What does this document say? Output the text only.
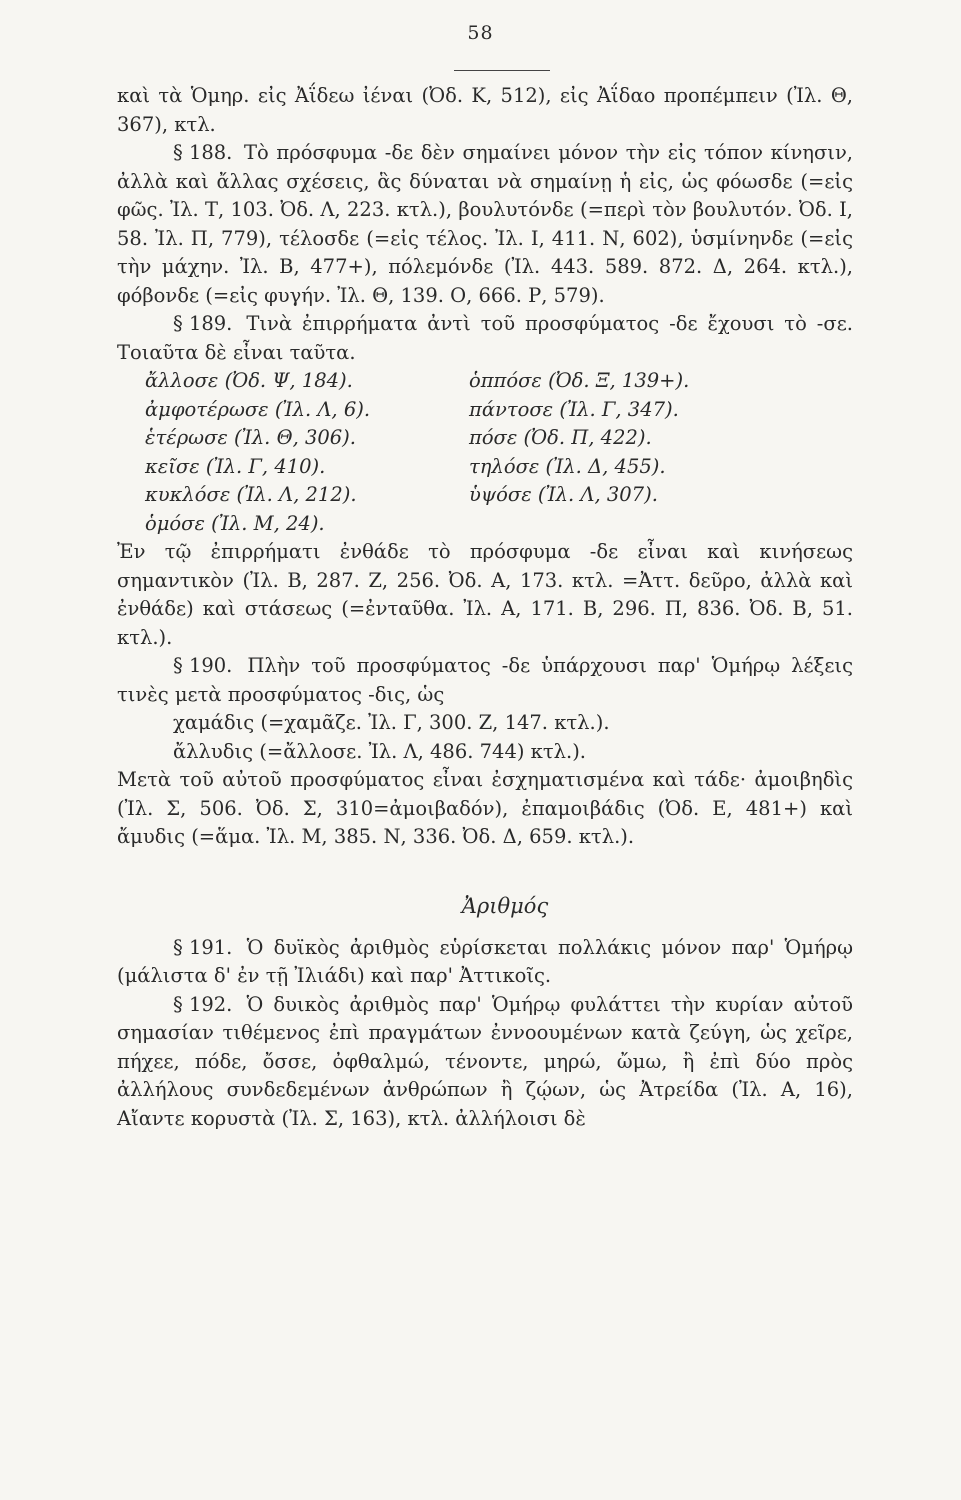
58

καὶ τὰ Ὁμηρ. εἰς Ἀΐδεω ἰέναι (Ὀδ. Κ, 512), εἰς Ἀΐδαο προπέμπειν (Ἰλ. Θ, 367), κτλ.

§ 188. Τὸ πρόσφυμα -δε δὲν σημαίνει μόνον τὴν εἰς τόπον κίνησιν, ἀλλὰ καὶ ἄλλας σχέσεις, ἃς δύναται νὰ σημαίνῃ ἡ εἰς, ὡς φόωσδε (=εἰς φῶς. Ἰλ. Τ, 103. Ὀδ. Λ, 223. κτλ.), βουλυτόνδε (=περὶ τὸν βουλυτόν. Ὀδ. Ι, 58. Ἰλ. Π, 779), τέλοσδε (=εἰς τέλος. Ἰλ. Ι, 411. Ν, 602), ὑσμίνηνδε (=εἰς τὴν μάχην. Ἰλ. Β, 477+), πόλεμόνδε (Ἰλ. 443. 589. 872. Δ, 264. κτλ.), φόβονδε (=εἰς φυγήν. Ἰλ. Θ, 139. Ο, 666. Ρ, 579).

§ 189. Τινὰ ἐπιρρήματα ἀντὶ τοῦ προσφύματος -δε ἔχουσι τὸ -σε. Τοιαῦτα δὲ εἶναι ταῦτα.

ἄλλοσε (Ὀδ. Ψ, 184).
ἀμφοτέρωσε (Ἰλ. Λ, 6).
ἑτέρωσε (Ἰλ. Θ, 306).
κεῖσε (Ἰλ. Γ, 410).
κυκλόσε (Ἰλ. Λ, 212).
ὁμόσε (Ἰλ. Μ, 24).
ὁππόσε (Ὀδ. Ξ, 139+).
πάντοσε (Ἰλ. Γ, 347).
πόσε (Ὀδ. Π, 422).
τηλόσε (Ἰλ. Δ, 455).
ὑψόσε (Ἰλ. Λ, 307).

Ἐν τῷ ἐπιρρήματι ἐνθάδε τὸ πρόσφυμα -δε εἶναι καὶ κινήσεως σημαντικὸν (Ἰλ. Β, 287. Ζ, 256. Ὀδ. Α, 173. κτλ. =Ἀττ. δεῦρο, ἀλλὰ καὶ ἐνθάδε) καὶ στάσεως (=ἐνταῦθα. Ἰλ. Α, 171. Β, 296. Π, 836. Ὀδ. Β, 51. κτλ.).

§ 190. Πλὴν τοῦ προσφύματος -δε ὑπάρχουσι παρ' Ὁμήρῳ λέξεις τινὲς μετὰ προσφύματος -δις, ὡς

χαμάδις (=χαμᾶζε. Ἰλ. Γ, 300. Ζ, 147. κτλ.).

ἄλλυδις (=ἄλλοσε. Ἰλ. Λ, 486. 744) κτλ.).

Μετὰ τοῦ αὐτοῦ προσφύματος εἶναι ἐσχηματισμένα καὶ τάδε· ἀμοιβηδὶς (Ἰλ. Σ, 506. Ὀδ. Σ, 310=ἀμοιβαδόν), ἐπαμοιβάδις (Ὀδ. Ε, 481+) καὶ ἄμυδις (=ἅμα. Ἰλ. Μ, 385. Ν, 336. Ὀδ. Δ, 659. κτλ.).

Ἀριθμός

§ 191. Ὁ δυϊκὸς ἀριθμὸς εὑρίσκεται πολλάκις μόνον παρ' Ὁμήρῳ (μάλιστα δ' ἐν τῇ Ἰλιάδι) καὶ παρ' Ἀττικοῖς.

§ 192. Ὁ δυικὸς ἀριθμὸς παρ' Ὁμήρῳ φυλάττει τὴν κυρίαν αὐτοῦ σημασίαν τιθέμενος ἐπὶ πραγμάτων ἐννοουμένων κατὰ ζεύγη, ὡς χεῖρε, πήχεε, πόδε, ὄσσε, ὀφθαλμώ, τένοντε, μηρώ, ὤμω, ἢ ἐπὶ δύο πρὸς ἀλλήλους συνδεδεμένων ἀνθρώπων ἢ ζῴων, ὡς Ἀτρείδα (Ἰλ. Α, 16), Αἴαντε κορυστὰ (Ἰλ. Σ, 163), κτλ. ἀλλήλοισι δὲ
